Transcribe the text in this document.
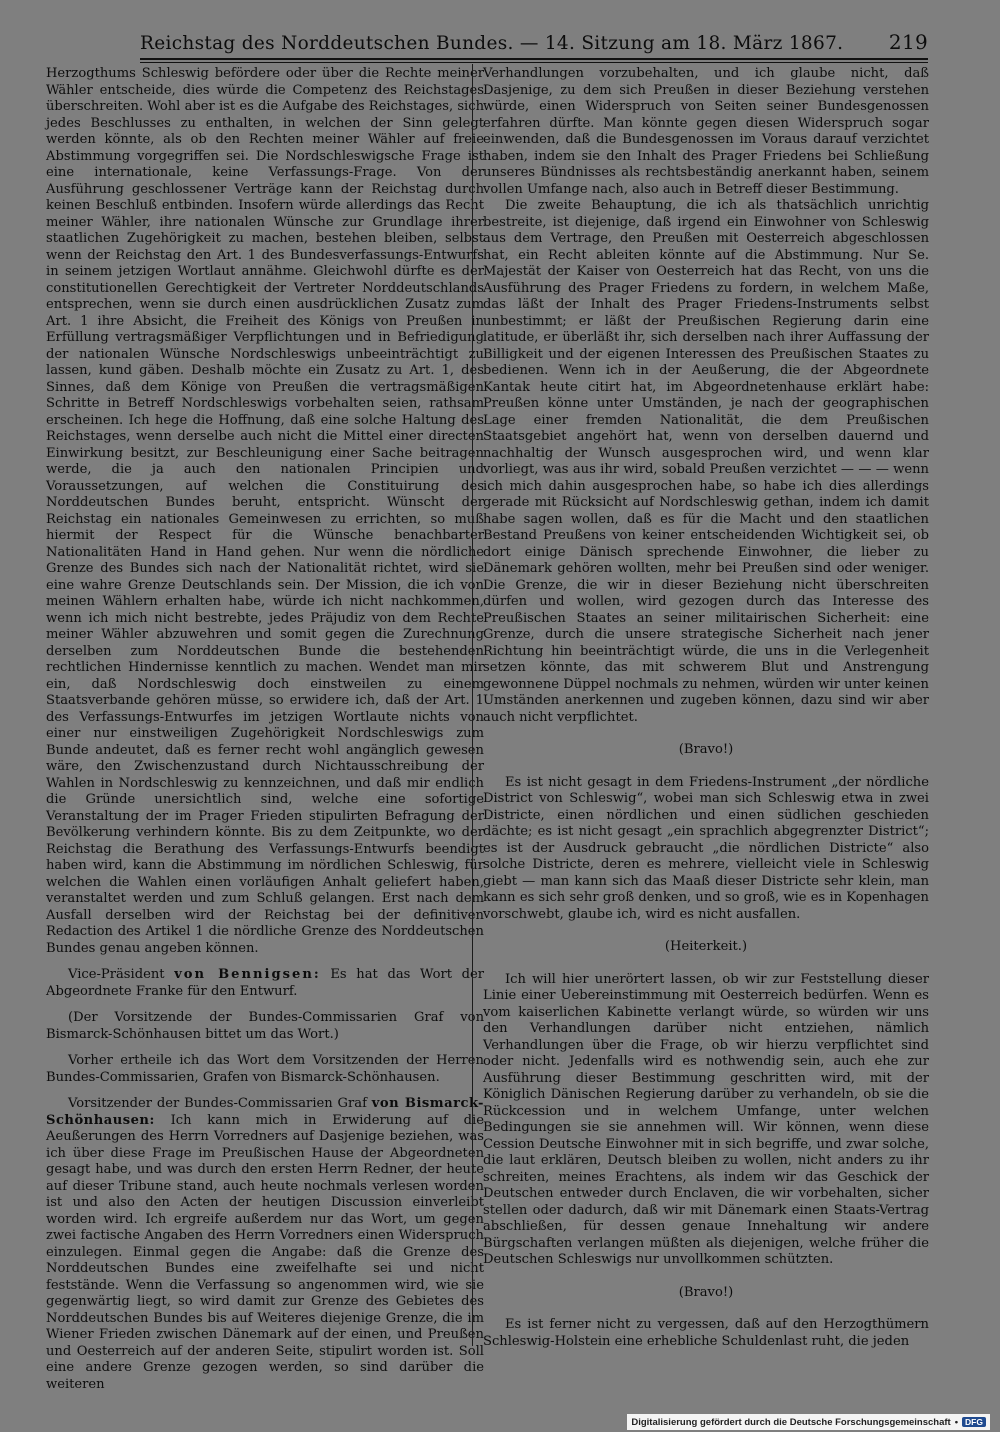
Reichstag des Norddeutschen Bundes. — 14. Sitzung am 18. März 1867. 219

Herzogthums Schleswig befördere oder über die Rechte meiner Wähler entscheide, dies würde die Competenz des Reichstages überschreiten. Wohl aber ist es die Aufgabe des Reichstages, sich jedes Beschlusses zu enthalten, in welchen der Sinn gelegt werden könnte, als ob den Rechten meiner Wähler auf freie Abstimmung vorgegriffen sei. Die Nordschleswigsche Frage ist eine internationale, keine Verfassungs-Frage. Von der Ausführung geschlossener Verträge kann der Reichstag durch keinen Beschluß entbinden. Insofern würde allerdings das Recht meiner Wähler, ihre nationalen Wünsche zur Grundlage ihrer staatlichen Zugehörigkeit zu machen, bestehen bleiben, selbst wenn der Reichstag den Art. 1 des Bundesverfassungs-Entwurfs in seinem jetzigen Wortlaut annähme. Gleichwohl dürfte es der constitutionellen Gerechtigkeit der Vertreter Norddeutschlands entsprechen, wenn sie durch einen ausdrücklichen Zusatz zum Art. 1 ihre Absicht, die Freiheit des Königs von Preußen in Erfüllung vertragsmäßiger Verpflichtungen und in Befriedigung der nationalen Wünsche Nordschleswigs unbeeinträchtigt zu lassen, kund gäben. Deshalb möchte ein Zusatz zu Art. 1, des Sinnes, daß dem Könige von Preußen die vertragsmäßigen Schritte in Betreff Nordschleswigs vorbehalten seien, rathsam erscheinen. Ich hege die Hoffnung, daß eine solche Haltung des Reichstages, wenn derselbe auch nicht die Mittel einer directen Einwirkung besitzt, zur Beschleunigung einer Sache beitragen werde, die ja auch den nationalen Principien und Voraussetzungen, auf welchen die Constituirung des Norddeutschen Bundes beruht, entspricht. Wünscht der Reichstag ein nationales Gemeinwesen zu errichten, so muß hiermit der Respect für die Wünsche benachbarter Nationalitäten Hand in Hand gehen. Nur wenn die nördliche Grenze des Bundes sich nach der Nationalität richtet, wird sie eine wahre Grenze Deutschlands sein. Der Mission, die ich von meinen Wählern erhalten habe, würde ich nicht nachkommen, wenn ich mich nicht bestrebte, jedes Präjudiz von dem Rechte meiner Wähler abzuwehren und somit gegen die Zurechnung derselben zum Norddeutschen Bunde die bestehenden rechtlichen Hindernisse kenntlich zu machen. Wendet man mir ein, daß Nordschleswig doch einstweilen zu einem Staatsverbande gehören müsse, so erwidere ich, daß der Art. 1 des Verfassungs-Entwurfes im jetzigen Wortlaute nichts von einer nur einstweiligen Zugehörigkeit Nordschleswigs zum Bunde andeutet, daß es ferner recht wohl angänglich gewesen wäre, den Zwischenzustand durch Nichtausschreibung der Wahlen in Nordschleswig zu kennzeichnen, und daß mir endlich die Gründe unersichtlich sind, welche eine sofortige Veranstaltung der im Prager Frieden stipulirten Befragung der Bevölkerung verhindern könnte. Bis zu dem Zeitpunkte, wo der Reichstag die Berathung des Verfassungs-Entwurfs beendigt haben wird, kann die Abstimmung im nördlichen Schleswig, für welchen die Wahlen einen vorläufigen Anhalt geliefert haben, veranstaltet werden und zum Schluß gelangen. Erst nach dem Ausfall derselben wird der Reichstag bei der definitiven Redaction des Artikel 1 die nördliche Grenze des Norddeutschen Bundes genau angeben können.

Vice-Präsident von Bennigsen: Es hat das Wort der Abgeordnete Franke für den Entwurf.

(Der Vorsitzende der Bundes-Commissarien Graf von Bismarck-Schönhausen bittet um das Wort.)

Vorher ertheile ich das Wort dem Vorsitzenden der Herren Bundes-Commissarien, Grafen von Bismarck-Schönhausen.

Vorsitzender der Bundes-Commissarien Graf von Bismarck-Schönhausen: Ich kann mich in Erwiderung auf die Aeußerungen des Herrn Vorredners auf Dasjenige beziehen, was ich über diese Frage im Preußischen Hause der Abgeordneten gesagt habe, und was durch den ersten Herrn Redner, der heute auf dieser Tribune stand, auch heute nochmals verlesen worden ist und also den Acten der heutigen Discussion einverleibt worden wird. Ich ergreife außerdem nur das Wort, um gegen zwei factische Angaben des Herrn Vorredners einen Widerspruch einzulegen. Einmal gegen die Angabe: daß die Grenze des Norddeutschen Bundes eine zweifelhafte sei und nicht feststände. Wenn die Verfassung so angenommen wird, wie sie gegenwärtig liegt, so wird damit zur Grenze des Gebietes des Norddeutschen Bundes bis auf Weiteres diejenige Grenze, die im Wiener Frieden zwischen Dänemark auf der einen, und Preußen und Oesterreich auf der anderen Seite, stipulirt worden ist. Soll eine andere Grenze gezogen werden, so sind darüber die weiteren

Verhandlungen vorzubehalten, und ich glaube nicht, daß Dasjenige, zu dem sich Preußen in dieser Beziehung verstehen würde, einen Widerspruch von Seiten seiner Bundesgenossen erfahren dürfte. Man könnte gegen diesen Widerspruch sogar einwenden, daß die Bundesgenossen im Voraus darauf verzichtet haben, indem sie den Inhalt des Prager Friedens bei Schließung unseres Bündnisses als rechtsbeständig anerkannt haben, seinem vollen Umfange nach, also auch in Betreff dieser Bestimmung.

Die zweite Behauptung, die ich als thatsächlich unrichtig bestreite, ist diejenige, daß irgend ein Einwohner von Schleswig aus dem Vertrage, den Preußen mit Oesterreich abgeschlossen hat, ein Recht ableiten könnte auf die Abstimmung. Nur Se. Majestät der Kaiser von Oesterreich hat das Recht, von uns die Ausführung des Prager Friedens zu fordern, in welchem Maße, das läßt der Inhalt des Prager Friedens-Instruments selbst unbestimmt; er läßt der Preußischen Regierung darin eine latitude, er überläßt ihr, sich derselben nach ihrer Auffassung der Billigkeit und der eigenen Interessen des Preußischen Staates zu bedienen. Wenn ich in der Aeußerung, die der Abgeordnete Kantak heute citirt hat, im Abgeordnetenhause erklärt habe: Preußen könne unter Umständen, je nach der geographischen Lage einer fremden Nationalität, die dem Preußischen Staatsgebiet angehört hat, wenn von derselben dauernd und nachhaltig der Wunsch ausgesprochen wird, und wenn klar vorliegt, was aus ihr wird, sobald Preußen verzichtet — — — wenn ich mich dahin ausgesprochen habe, so habe ich dies allerdings gerade mit Rücksicht auf Nordschleswig gethan, indem ich damit habe sagen wollen, daß es für die Macht und den staatlichen Bestand Preußens von keiner entscheidenden Wichtigkeit sei, ob dort einige Dänisch sprechende Einwohner, die lieber zu Dänemark gehören wollten, mehr bei Preußen sind oder weniger. Die Grenze, die wir in dieser Beziehung nicht überschreiten dürfen und wollen, wird gezogen durch das Interesse des Preußischen Staates an seiner militairischen Sicherheit: eine Grenze, durch die unsere strategische Sicherheit nach jener Richtung hin beeinträchtigt würde, die uns in die Verlegenheit setzen könnte, das mit schwerem Blut und Anstrengung gewonnene Düppel nochmals zu nehmen, würden wir unter keinen Umständen anerkennen und zugeben können, dazu sind wir aber auch nicht verpflichtet.

(Bravo!)

Es ist nicht gesagt in dem Friedens-Instrument „der nördliche District von Schleswig“, wobei man sich Schleswig etwa in zwei Districte, einen nördlichen und einen südlichen geschieden dächte; es ist nicht gesagt „ein sprachlich abgegrenzter District“; es ist der Ausdruck gebraucht „die nördlichen Districte“ also solche Districte, deren es mehrere, vielleicht viele in Schleswig giebt — man kann sich das Maaß dieser Districte sehr klein, man kann es sich sehr groß denken, und so groß, wie es in Kopenhagen vorschwebt, glaube ich, wird es nicht ausfallen.

(Heiterkeit.)

Ich will hier unerörtert lassen, ob wir zur Feststellung dieser Linie einer Uebereinstimmung mit Oesterreich bedürfen. Wenn es vom kaiserlichen Kabinette verlangt würde, so würden wir uns den Verhandlungen darüber nicht entziehen, nämlich Verhandlungen über die Frage, ob wir hierzu verpflichtet sind oder nicht. Jedenfalls wird es nothwendig sein, auch ehe zur Ausführung dieser Bestimmung geschritten wird, mit der Königlich Dänischen Regierung darüber zu verhandeln, ob sie die Rückcession und in welchem Umfange, unter welchen Bedingungen sie sie annehmen will. Wir können, wenn diese Cession Deutsche Einwohner mit in sich begriffe, und zwar solche, die laut erklären, Deutsch bleiben zu wollen, nicht anders zu ihr schreiten, meines Erachtens, als indem wir das Geschick der Deutschen entweder durch Enclaven, die wir vorbehalten, sicher stellen oder dadurch, daß wir mit Dänemark einen Staats-Vertrag abschließen, für dessen genaue Innehaltung wir andere Bürgschaften verlangen müßten als diejenigen, welche früher die Deutschen Schleswigs nur unvollkommen schützten.

(Bravo!)

Es ist ferner nicht zu vergessen, daß auf den Herzogthümern Schleswig-Holstein eine erhebliche Schuldenlast ruht, die jeden

Digitalisierung gefördert durch die Deutsche Forschungsgemeinschaft • DFG
